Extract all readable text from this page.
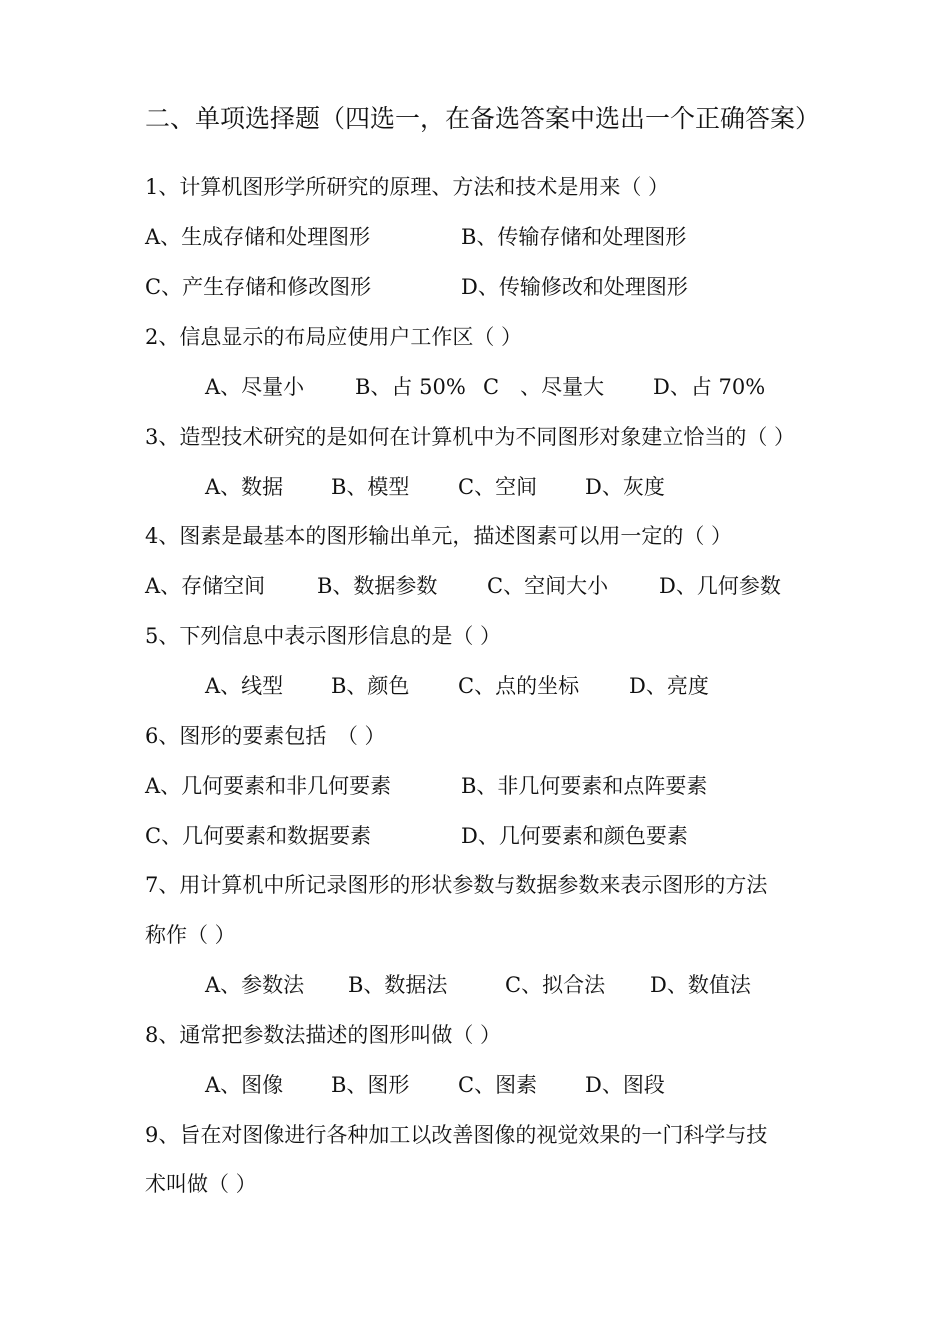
二、单项选择题（四选一，在备选答案中选出一个正确答案）
1、计算机图形学所研究的原理、方法和技术是用来（ ）
A、生成存储和处理图形	B、传输存储和处理图形
C、产生存储和修改图形	D、传输修改和处理图形
2、信息显示的布局应使用户工作区（ ）
A、尽量小 B、占 50% C　、尽量大 D、占 70%
3、造型技术研究的是如何在计算机中为不同图形对象建立恰当的（ ）
A、数据 B、模型 C、空间 D、灰度
4、图素是最基本的图形输出单元，描述图素可以用一定的（ ）
A、存储空间 B、数据参数 C、空间大小 D、几何参数
5、下列信息中表示图形信息的是（ ）
A、线型 B、颜色 C、点的坐标 D、亮度
6、图形的要素包括　（ ）
A、几何要素和非几何要素	B、非几何要素和点阵要素
C、几何要素和数据要素	D、几何要素和颜色要素
7、用计算机中所记录图形的形状参数与数据参数来表示图形的方法
称作（ ）
A、参数法 B、数据法	C、拟合法 D、数值法
8、通常把参数法描述的图形叫做（ ）
A、图像 B、图形 C、图素 D、图段
9、旨在对图像进行各种加工以改善图像的视觉效果的一门科学与技
术叫做（ ）
